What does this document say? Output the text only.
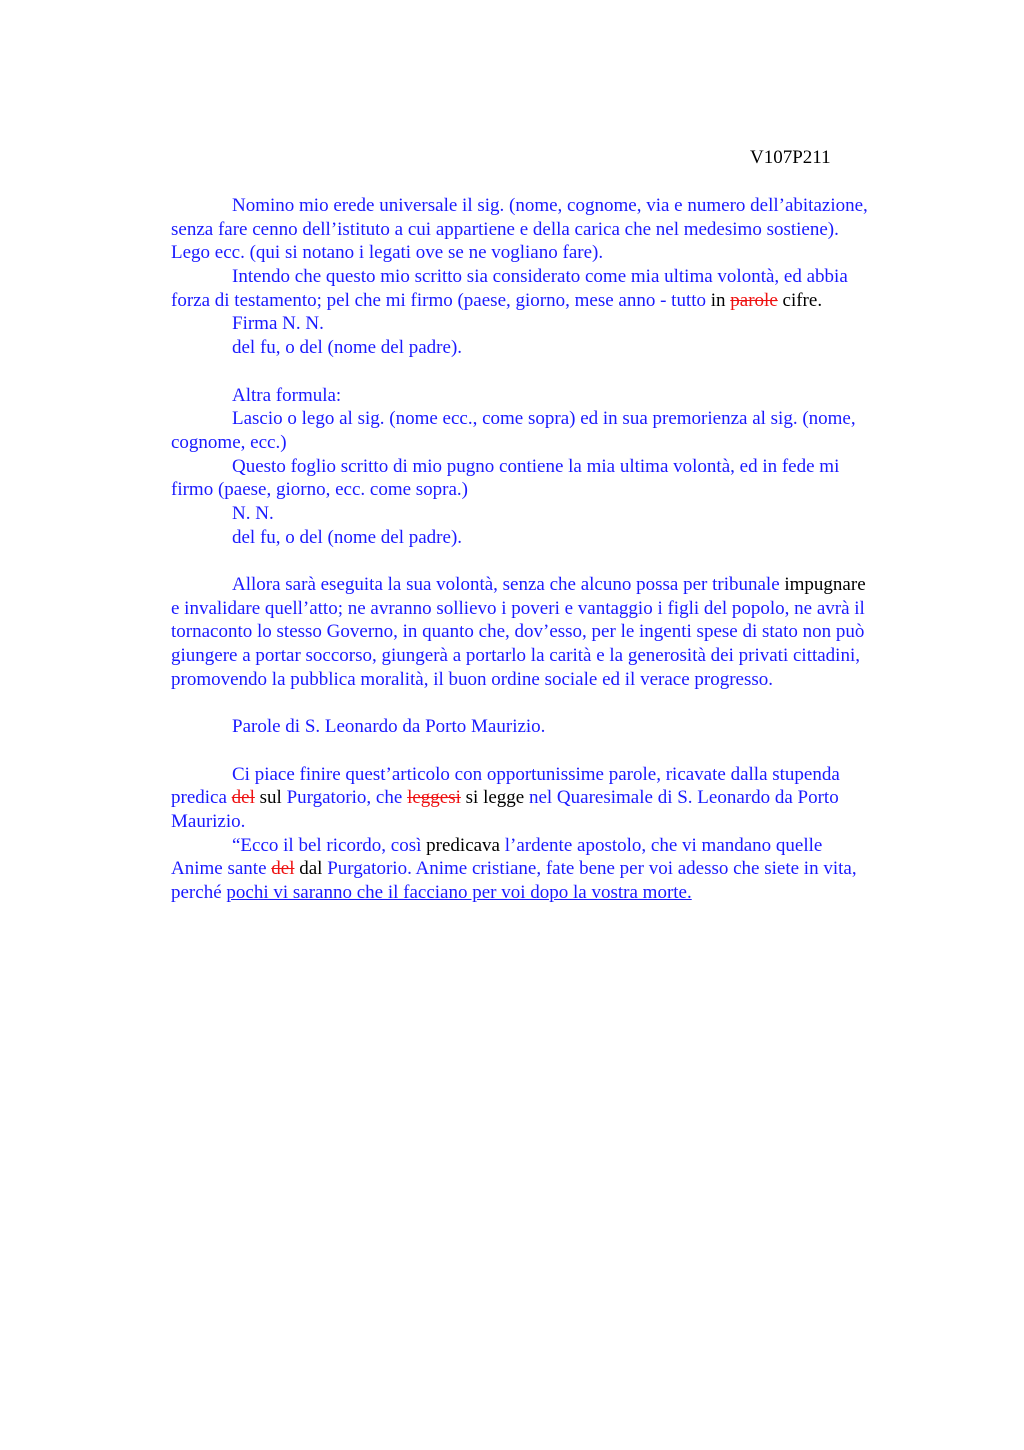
V107P211
Nomino mio erede universale il sig. (nome, cognome, via e numero dell’abitazione,
senza fare cenno dell’istituto a cui appartiene e della carica che nel medesimo sostiene).
Lego ecc. (qui si notano i legati ove se ne vogliano fare).
Intendo che questo mio scritto sia considerato come mia ultima volontà, ed abbia
forza di testamento; pel che mi firmo (paese, giorno, mese anno - tutto in parole cifre.
Firma N. N.
del fu, o del (nome del padre).
Altra formula:
Lascio o lego al sig. (nome ecc., come sopra) ed in sua premorienza al sig. (nome,
cognome, ecc.)
Questo foglio scritto di mio pugno contiene la mia ultima volontà, ed in fede mi
firmo (paese, giorno, ecc. come sopra.)
N. N.
del fu, o del (nome del padre).
Allora sarà eseguita la sua volontà, senza che alcuno possa per tribunale impugnare
e invalidare quell’atto; ne avranno sollievo i poveri e vantaggio i figli del popolo, ne avrà il
tornaconto lo stesso Governo, in quanto che, dov’esso, per le ingenti spese di stato non può
giungere a portar soccorso, giungerà a portarlo la carità e la generosità dei privati cittadini,
promovendo la pubblica moralità, il buon ordine sociale ed il verace progresso.
Parole di S. Leonardo da Porto Maurizio.
Ci piace finire quest’articolo con opportunissime parole, ricavate dalla stupenda
predica del sul Purgatorio, che leggesi si legge nel Quaresimale di S. Leonardo da Porto
Maurizio.
“Ecco il bel ricordo, così predicava l’ardente apostolo, che vi mandano quelle
Anime sante del dal Purgatorio. Anime cristiane, fate bene per voi adesso che siete in vita,
perché pochi vi saranno che il facciano per voi dopo la vostra morte.
